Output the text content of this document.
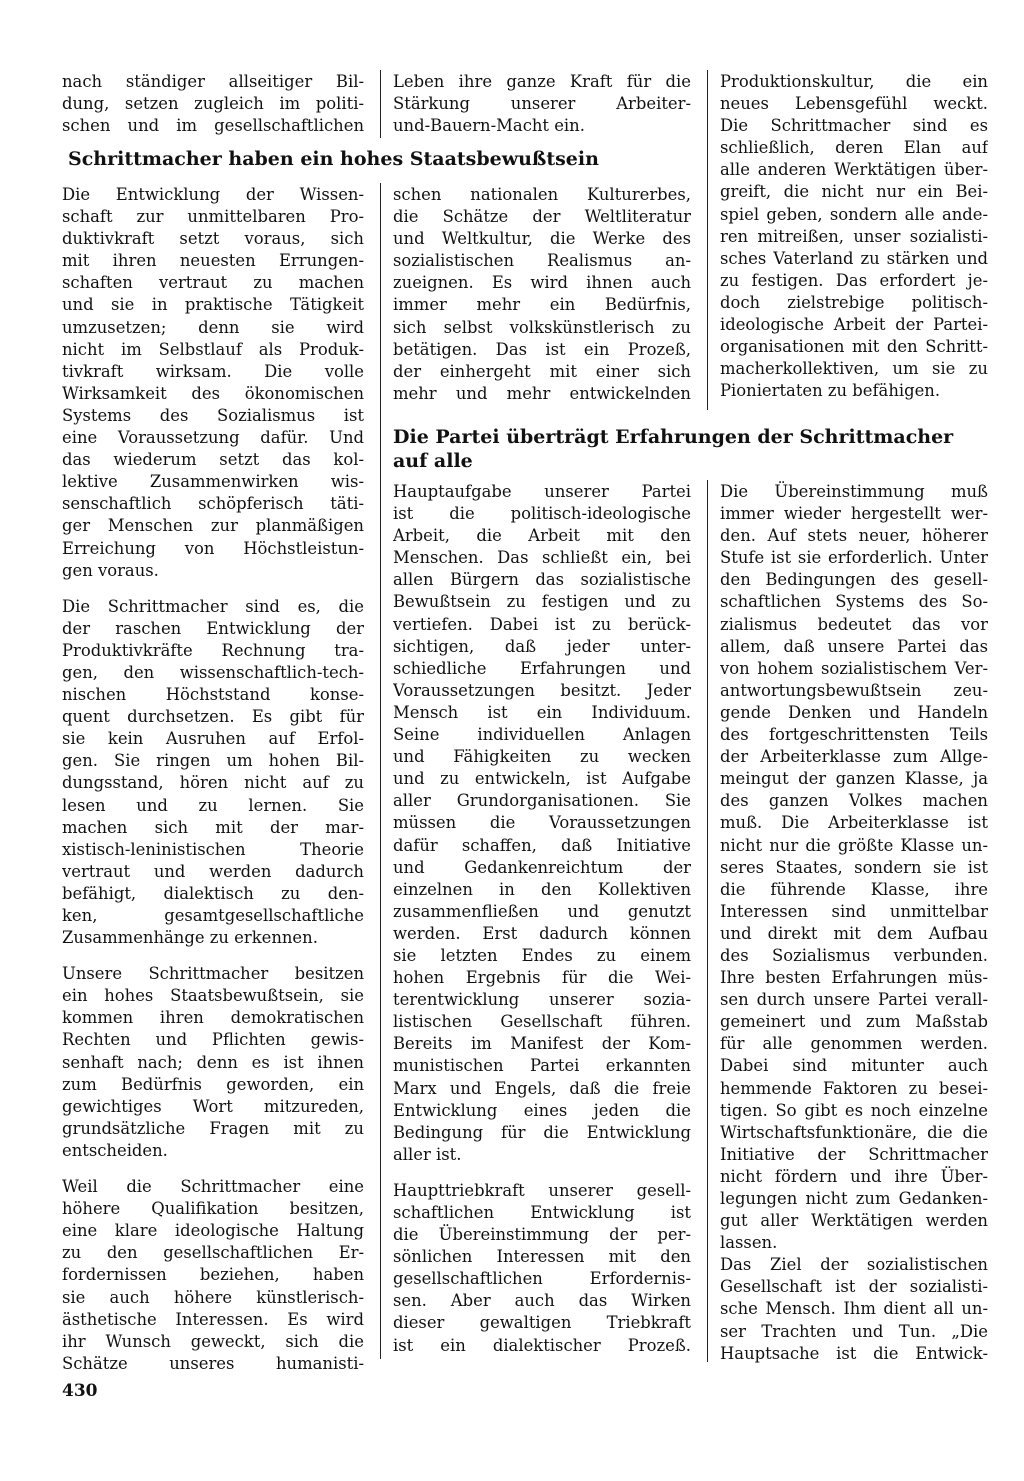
nach ständiger allseitiger Bil-
dung, setzen zugleich im politi-
schen und im gesellschaftlichen

Leben ihre ganze Kraft für die
Stärkung unserer Arbeiter-
und-Bauern-Macht ein.

Produktionskultur, die ein
neues Lebensgefühl weckt.
Die Schrittmacher sind es
schließlich, deren Elan auf
alle anderen Werktätigen über-
greift, die nicht nur ein Bei-
spiel geben, sondern alle ande-
ren mitreißen, unser sozialisti-
sches Vaterland zu stärken und
zu festigen. Das erfordert je-
doch zielstrebige politisch-
ideologische Arbeit der Partei-
organisationen mit den Schritt-
macherkollektiven, um sie zu
Pioniertaten zu befähigen.

Schrittmacher haben ein hohes Staatsbewußtsein

Die Entwicklung der Wissen-
schaft zur unmittelbaren Pro-
duktivkraft setzt voraus, sich
mit ihren neuesten Errungen-
schaften vertraut zu machen
und sie in praktische Tätigkeit
umzusetzen; denn sie wird
nicht im Selbstlauf als Produk-
tivkraft wirksam. Die volle
Wirksamkeit des ökonomischen
Systems des Sozialismus ist
eine Voraussetzung dafür. Und
das wiederum setzt das kol-
lektive Zusammenwirken wis-
senschaftlich schöpferisch täti-
ger Menschen zur planmäßigen
Erreichung von Höchstleistun-
gen voraus.

Die Schrittmacher sind es, die
der raschen Entwicklung der
Produktivkräfte Rechnung tra-
gen, den wissenschaftlich-tech-
nischen Höchststand konse-
quent durchsetzen. Es gibt für
sie kein Ausruhen auf Erfol-
gen. Sie ringen um hohen Bil-
dungsstand, hören nicht auf zu
lesen und zu lernen. Sie
machen sich mit der mar-
xistisch-leninistischen Theorie
vertraut und werden dadurch
befähigt, dialektisch zu den-
ken, gesamtgesellschaftliche
Zusammenhänge zu erkennen.

Unsere Schrittmacher besitzen
ein hohes Staatsbewußtsein, sie
kommen ihren demokratischen
Rechten und Pflichten gewis-
senhaft nach; denn es ist ihnen
zum Bedürfnis geworden, ein
gewichtiges Wort mitzureden,
grundsätzliche Fragen mit zu
entscheiden.

Weil die Schrittmacher eine
höhere Qualifikation besitzen,
eine klare ideologische Haltung
zu den gesellschaftlichen Er-
fordernissen beziehen, haben
sie auch höhere künstlerisch-
ästhetische Interessen. Es wird
ihr Wunsch geweckt, sich die
Schätze unseres humanisti-

schen nationalen Kulturerbes,
die Schätze der Weltliteratur
und Weltkultur, die Werke des
sozialistischen Realismus an-
zueignen. Es wird ihnen auch
immer mehr ein Bedürfnis,
sich selbst volkskünstlerisch zu
betätigen. Das ist ein Prozeß,
der einhergeht mit einer sich
mehr und mehr entwickelnden

Die Partei überträgt Erfahrungen der Schrittmacher
auf alle

Hauptaufgabe unserer Partei
ist die politisch-ideologische
Arbeit, die Arbeit mit den
Menschen. Das schließt ein, bei
allen Bürgern das sozialistische
Bewußtsein zu festigen und zu
vertiefen. Dabei ist zu berück-
sichtigen, daß jeder unter-
schiedliche Erfahrungen und
Voraussetzungen besitzt. Jeder
Mensch ist ein Individuum.
Seine individuellen Anlagen
und Fähigkeiten zu wecken
und zu entwickeln, ist Aufgabe
aller Grundorganisationen. Sie
müssen die Voraussetzungen
dafür schaffen, daß Initiative
und Gedankenreichtum der
einzelnen in den Kollektiven
zusammenfließen und genutzt
werden. Erst dadurch können
sie letzten Endes zu einem
hohen Ergebnis für die Wei-
terentwicklung unserer sozia-
listischen Gesellschaft führen.
Bereits im Manifest der Kom-
munistischen Partei erkannten
Marx und Engels, daß die freie
Entwicklung eines jeden die
Bedingung für die Entwicklung
aller ist.

Haupttriebkraft unserer gesell-
schaftlichen Entwicklung ist
die Übereinstimmung der per-
sönlichen Interessen mit den
gesellschaftlichen Erfordernis-
sen. Aber auch das Wirken
dieser gewaltigen Triebkraft
ist ein dialektischer Prozeß.

Die Übereinstimmung muß
immer wieder hergestellt wer-
den. Auf stets neuer, höherer
Stufe ist sie erforderlich. Unter
den Bedingungen des gesell-
schaftlichen Systems des So-
zialismus bedeutet das vor
allem, daß unsere Partei das
von hohem sozialistischem Ver-
antwortungsbewußtsein zeu-
gende Denken und Handeln
des fortgeschrittensten Teils
der Arbeiterklasse zum Allge-
meingut der ganzen Klasse, ja
des ganzen Volkes machen
muß. Die Arbeiterklasse ist
nicht nur die größte Klasse un-
seres Staates, sondern sie ist
die führende Klasse, ihre
Interessen sind unmittelbar
und direkt mit dem Aufbau
des Sozialismus verbunden.
Ihre besten Erfahrungen müs-
sen durch unsere Partei verall-
gemeinert und zum Maßstab
für alle genommen werden.
Dabei sind mitunter auch
hemmende Faktoren zu besei-
tigen. So gibt es noch einzelne
Wirtschaftsfunktionäre, die die
Initiative der Schrittmacher
nicht fördern und ihre Über-
legungen nicht zum Gedanken-
gut aller Werktätigen werden
lassen.

Das Ziel der sozialistischen
Gesellschaft ist der sozialisti-
sche Mensch. Ihm dient all un-
ser Trachten und Tun. „Die
Hauptsache ist die Entwick-

430
